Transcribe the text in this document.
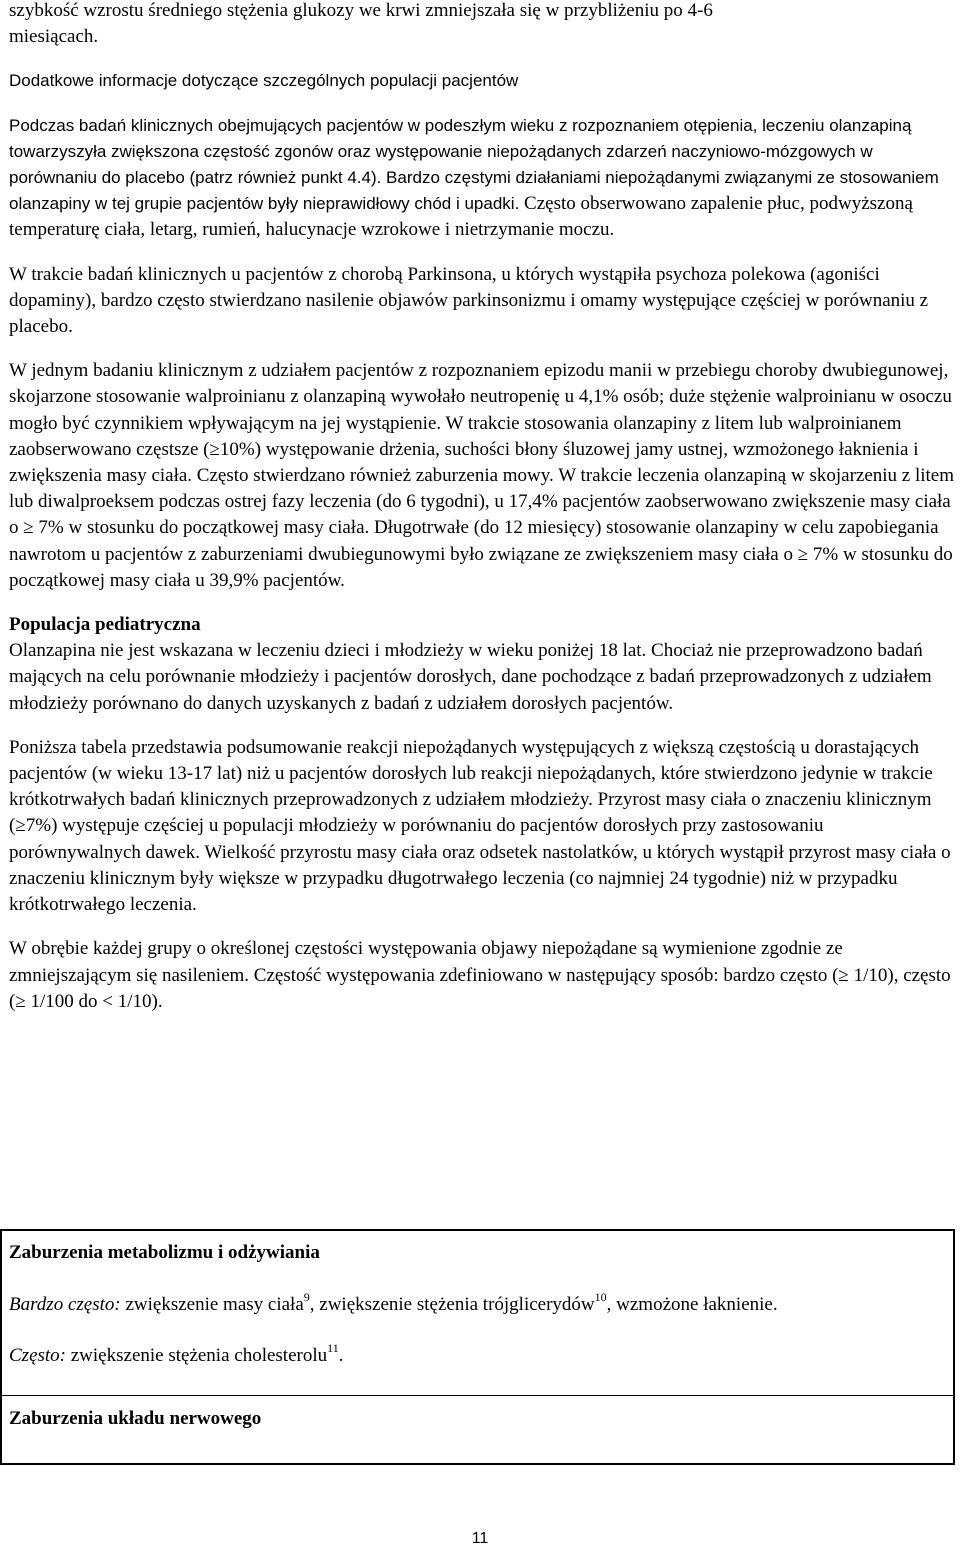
szybkość wzrostu średniego stężenia glukozy we krwi zmniejszała się w przybliżeniu po 4-6
miesiącach.
Dodatkowe informacje dotyczące szczególnych populacji pacjentów
Podczas badań klinicznych obejmujących pacjentów w podeszłym wieku z rozpoznaniem otępienia, leczeniu olanzapiną towarzyszyła zwiększona częstość zgonów oraz występowanie niepożądanych zdarzeń naczyniowo-mózgowych w porównaniu do placebo (patrz również punkt 4.4). Bardzo częstymi działaniami niepożądanymi związanymi ze stosowaniem olanzapiny w tej grupie pacjentów były nieprawidłowy chód i upadki. Często obserwowano zapalenie płuc, podwyższoną temperaturę ciała, letarg, rumień, halucynacje wzrokowe i nietrzymanie moczu.
W trakcie badań klinicznych u pacjentów z chorobą Parkinsona, u których wystąpiła psychoza polekowa (agoniści dopaminy), bardzo często stwierdzano nasilenie objawów parkinsonizmu i omamy występujące częściej w porównaniu z placebo.
W jednym badaniu klinicznym z udziałem pacjentów z rozpoznaniem epizodu manii w przebiegu choroby dwubiegunowej, skojarzone stosowanie walproinianu z olanzapiną wywołało neutropenię u 4,1% osób; duże stężenie walproinianu w osoczu mogło być czynnikiem wpływającym na jej wystąpienie. W trakcie stosowania olanzapiny z litem lub walproinianem zaobserwowano częstsze (≥10%) występowanie drżenia, suchości błony śluzowej jamy ustnej, wzmożonego łaknienia i zwiększenia masy ciała. Często stwierdzano również zaburzenia mowy. W trakcie leczenia olanzapiną w skojarzeniu z litem lub diwalproeksem podczas ostrej fazy leczenia (do 6 tygodni), u 17,4% pacjentów zaobserwowano zwiększenie masy ciała o ≥ 7% w stosunku do początkowej masy ciała. Długotrwałe (do 12 miesięcy) stosowanie olanzapiny w celu zapobiegania nawrotom u pacjentów z zaburzeniami dwubiegunowymi było związane ze zwiększeniem masy ciała o ≥ 7% w stosunku do początkowej masy ciała u 39,9% pacjentów.
Populacja pediatryczna
Olanzapina nie jest wskazana w leczeniu dzieci i młodzieży w wieku poniżej 18 lat. Chociaż nie przeprowadzono badań mających na celu porównanie młodzieży i pacjentów dorosłych, dane pochodzące z badań przeprowadzonych z udziałem młodzieży porównano do danych uzyskanych z badań z udziałem dorosłych pacjentów.
Poniższa tabela przedstawia podsumowanie reakcji niepożądanych występujących z większą częstością u dorastających pacjentów (w wieku 13-17 lat) niż u pacjentów dorosłych lub reakcji niepożądanych, które stwierdzono jedynie w trakcie krótkotrwałych badań klinicznych przeprowadzonych z udziałem młodzieży. Przyrost masy ciała o znaczeniu klinicznym (≥7%) występuje częściej u populacji młodzieży w porównaniu do pacjentów dorosłych przy zastosowaniu porównywalnych dawek. Wielkość przyrostu masy ciała oraz odsetek nastolatków, u których wystąpił przyrost masy ciała o znaczeniu klinicznym były większe w przypadku długotrwałego leczenia (co najmniej 24 tygodnie) niż w przypadku krótkotrwałego leczenia.
W obrębie każdej grupy o określonej częstości występowania objawy niepożądane są wymienione zgodnie ze zmniejszającym się nasileniem. Częstość występowania zdefiniowano w następujący sposób: bardzo często (≥ 1/10), często (≥ 1/100 do < 1/10).
Zaburzenia metabolizmu i odżywiania
Bardzo często: zwiększenie masy ciała$^9$, zwiększenie stężenia trójglicerydów$^{10}$, wzmożone łaknienie.
Często: zwiększenie stężenia cholesterolu$^{11}$.
Zaburzenia układu nerwowego
11
